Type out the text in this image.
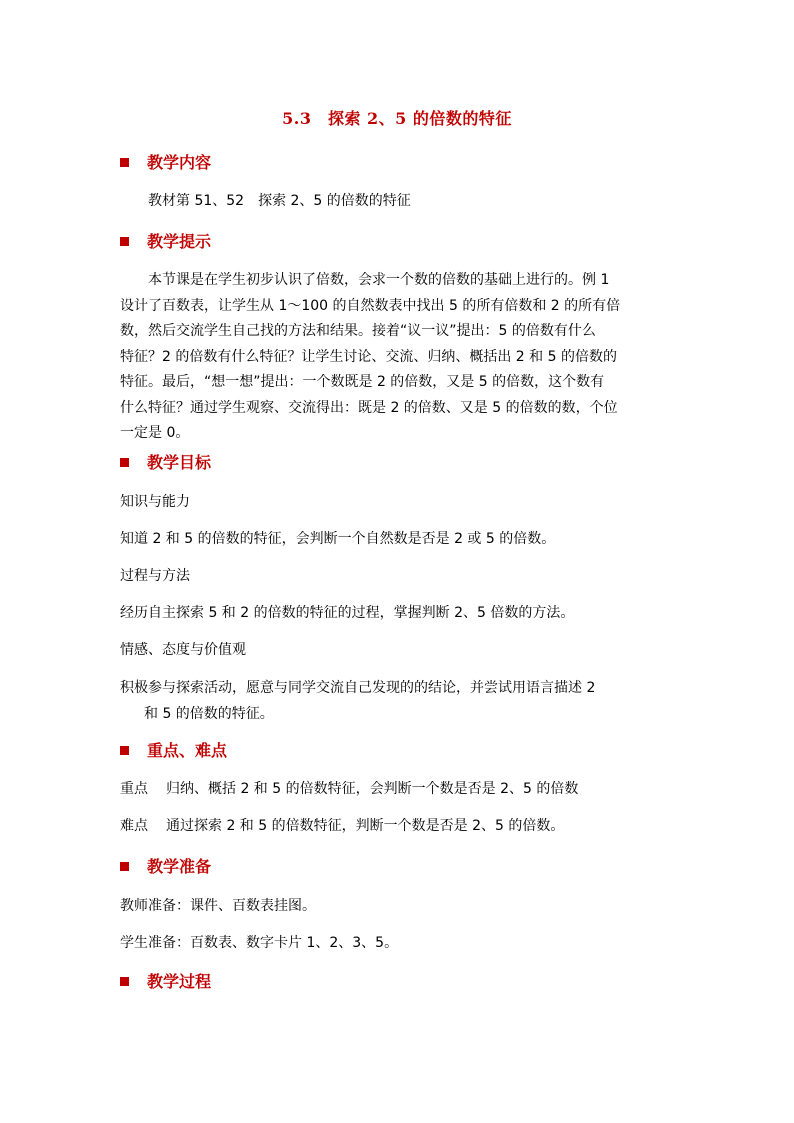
5.3　探索 2、5 的倍数的特征
教学内容
教材第 51、52　探索 2、5 的倍数的特征
教学提示

本节课是在学生初步认识了倍数，会求一个数的倍数的基础上进行的。例 1

设计了百数表，让学生从 1～100 的自然数表中找出 5 的所有倍数和 2 的所有倍

数，然后交流学生自己找的方法和结果。接着“议一议”提出：5 的倍数有什么

特征？2 的倍数有什么特征？让学生讨论、交流、归纳、概括出 2 和 5 的倍数的

特征。最后，“想一想”提出：一个数既是 2 的倍数，又是 5 的倍数，这个数有

什么特征？通过学生观察、交流得出：既是 2 的倍数、又是 5 的倍数的数，个位

一定是 0。

教学目标
知识与能力
知道 2 和 5 的倍数的特征，会判断一个自然数是否是 2 或 5 的倍数。
过程与方法
经历自主探索 5 和 2 的倍数的特征的过程，掌握判断 2、5 倍数的方法。
情感、态度与价值观

积极参与探索活动，愿意与同学交流自己发现的的结论，并尝试用语言描述 2

和 5 的倍数的特征。

重点、难点
重点 归纳、概括 2 和 5 的倍数特征，会判断一个数是否是 2、5 的倍数
难点 通过探索 2 和 5 的倍数特征，判断一个数是否是 2、5 的倍数。
教学准备
教师准备：课件、百数表挂图。
学生准备：百数表、数字卡片 1、2、3、5。
教学过程
